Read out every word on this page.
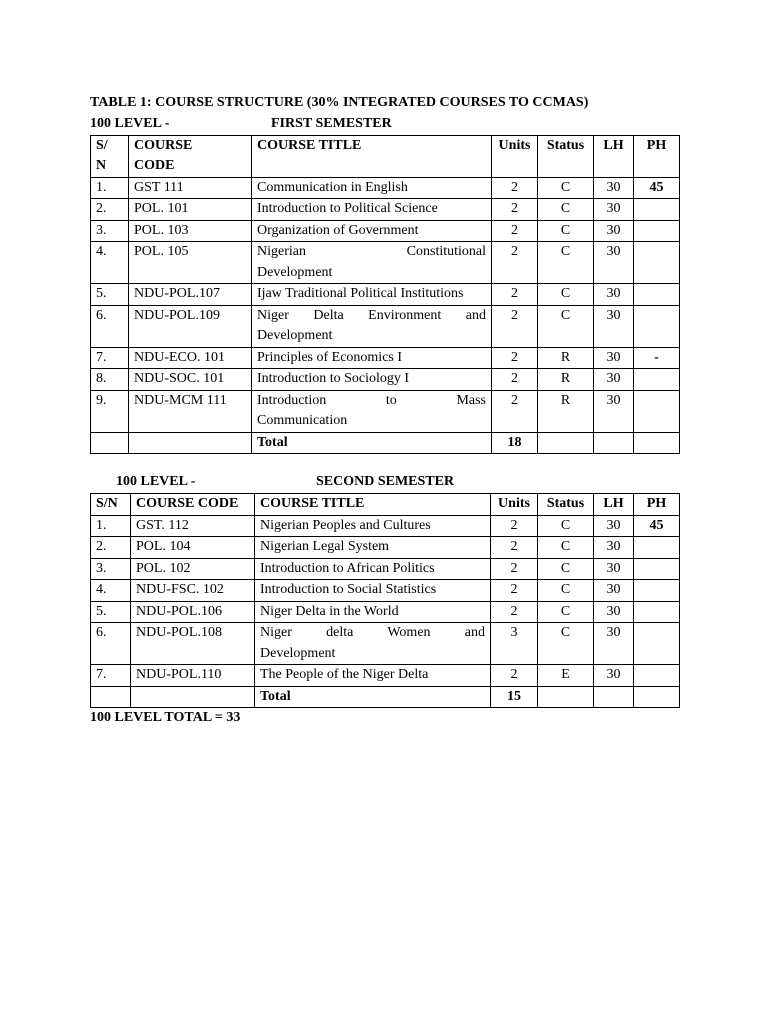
TABLE 1: COURSE STRUCTURE (30% INTEGRATED COURSES TO CCMAS)
100 LEVEL -	FIRST SEMESTER
S/ N	COURSE CODE	COURSE TITLE	Units	Status	LH	PH
1.	GST 111	Communication in English	2	C	30	45
2.	POL. 101	Introduction to Political Science	2	C	30	
3.	POL. 103	Organization of Government	2	C	30	
4.	POL. 105	Nigerian Constitutional
Development	2	C	30	
5.	NDU-POL.107	Ijaw Traditional Political Institutions	2	C	30	
6.	NDU-POL.109	Niger Delta Environment and
Development	2	C	30	
7.	NDU-ECO. 101	Principles of Economics I	2	R	30	-
8.	NDU-SOC. 101	Introduction to Sociology I	2	R	30	
9.	NDU-MCM 111	Introduction to Mass
Communication	2	R	30	
		Total	18			
100 LEVEL -	SECOND SEMESTER
S/N	COURSE CODE	COURSE TITLE	Units	Status	LH	PH
1.	GST. 112	Nigerian Peoples and Cultures	2	C	30	45
2.	POL. 104	Nigerian Legal System	2	C	30	
3.	POL. 102	Introduction to African Politics	2	C	30	
4.	NDU-FSC. 102	Introduction to Social Statistics	2	C	30	
5.	NDU-POL.106	Niger Delta in the World	2	C	30	
6.	NDU-POL.108	Niger delta Women and
Development	3	C	30	
7.	NDU-POL.110	The People of the Niger Delta	2	E	30	
		Total	15			
100 LEVEL TOTAL = 33
